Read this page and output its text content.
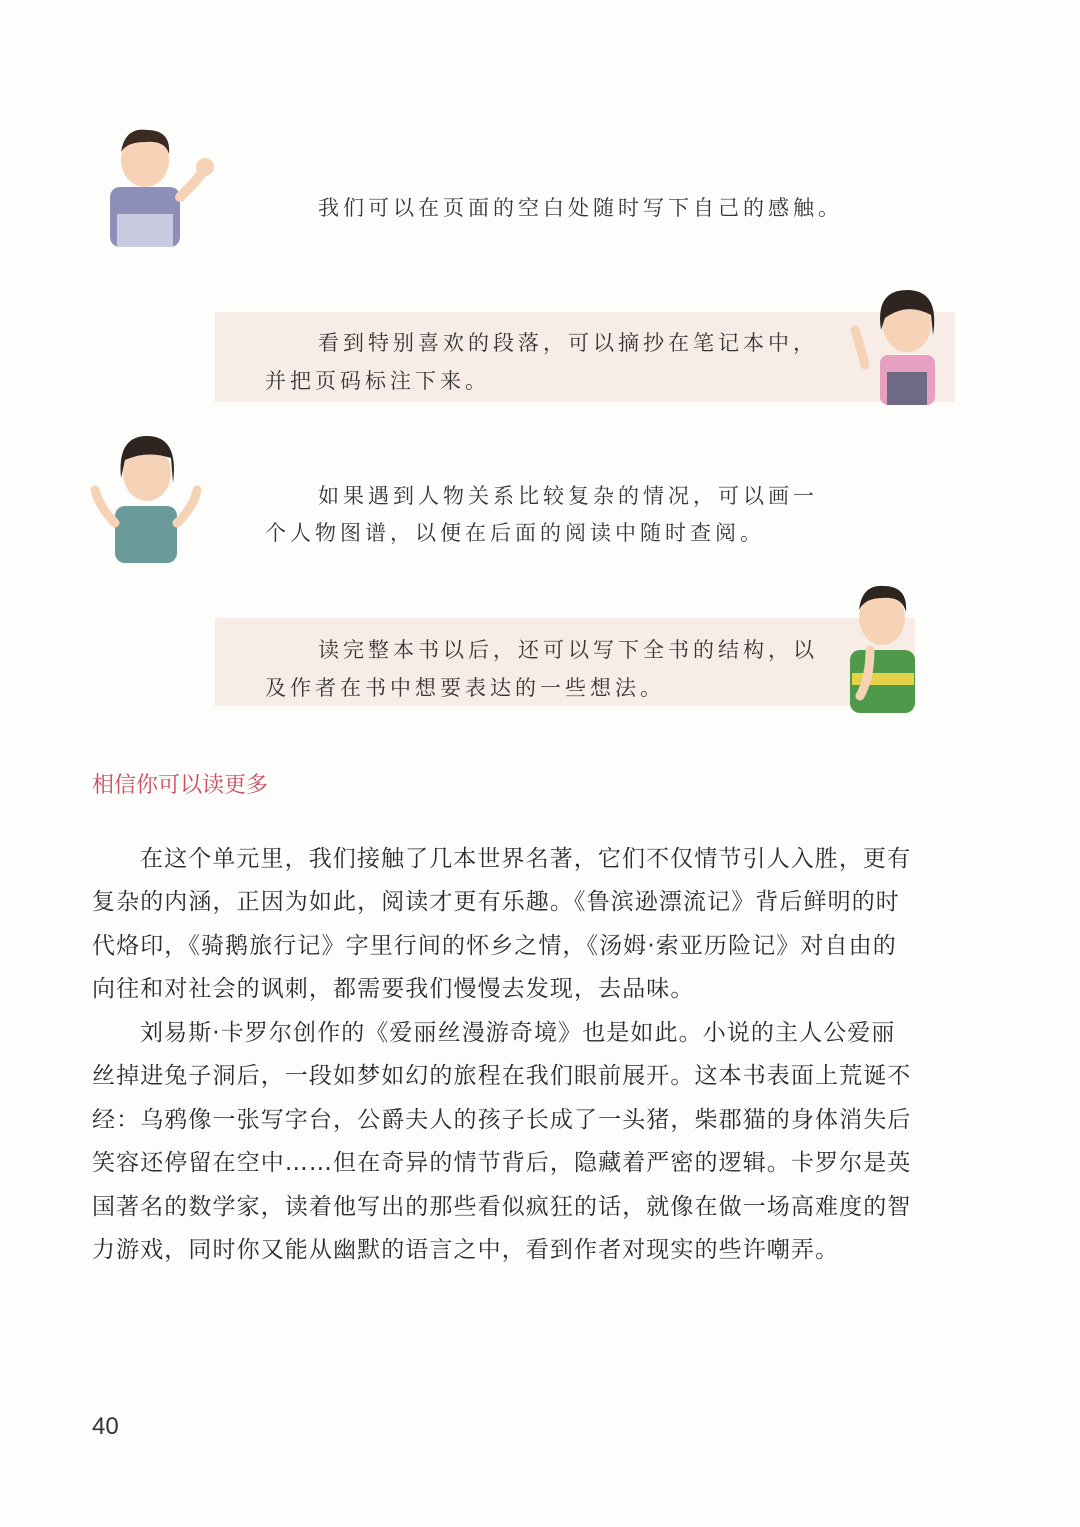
我们可以在页面的空白处随时写下自己的感触。
看到特别喜欢的段落，可以摘抄在笔记本中，
并把页码标注下来。
如果遇到人物关系比较复杂的情况，可以画一
个人物图谱，以便在后面的阅读中随时查阅。
读完整本书以后，还可以写下全书的结构，以
及作者在书中想要表达的一些想法。
相信你可以读更多
在这个单元里，我们接触了几本世界名著，它们不仅情节引人入胜，更有
复杂的内涵，正因为如此，阅读才更有乐趣。《鲁滨逊漂流记》背后鲜明的时
代烙印，《骑鹅旅行记》字里行间的怀乡之情，《汤姆·索亚历险记》对自由的
向往和对社会的讽刺，都需要我们慢慢去发现，去品味。
刘易斯·卡罗尔创作的《爱丽丝漫游奇境》也是如此。小说的主人公爱丽
丝掉进兔子洞后，一段如梦如幻的旅程在我们眼前展开。这本书表面上荒诞不
经：乌鸦像一张写字台，公爵夫人的孩子长成了一头猪，柴郡猫的身体消失后
笑容还停留在空中……但在奇异的情节背后，隐藏着严密的逻辑。卡罗尔是英
国著名的数学家，读着他写出的那些看似疯狂的话，就像在做一场高难度的智
力游戏，同时你又能从幽默的语言之中，看到作者对现实的些许嘲弄。
40
